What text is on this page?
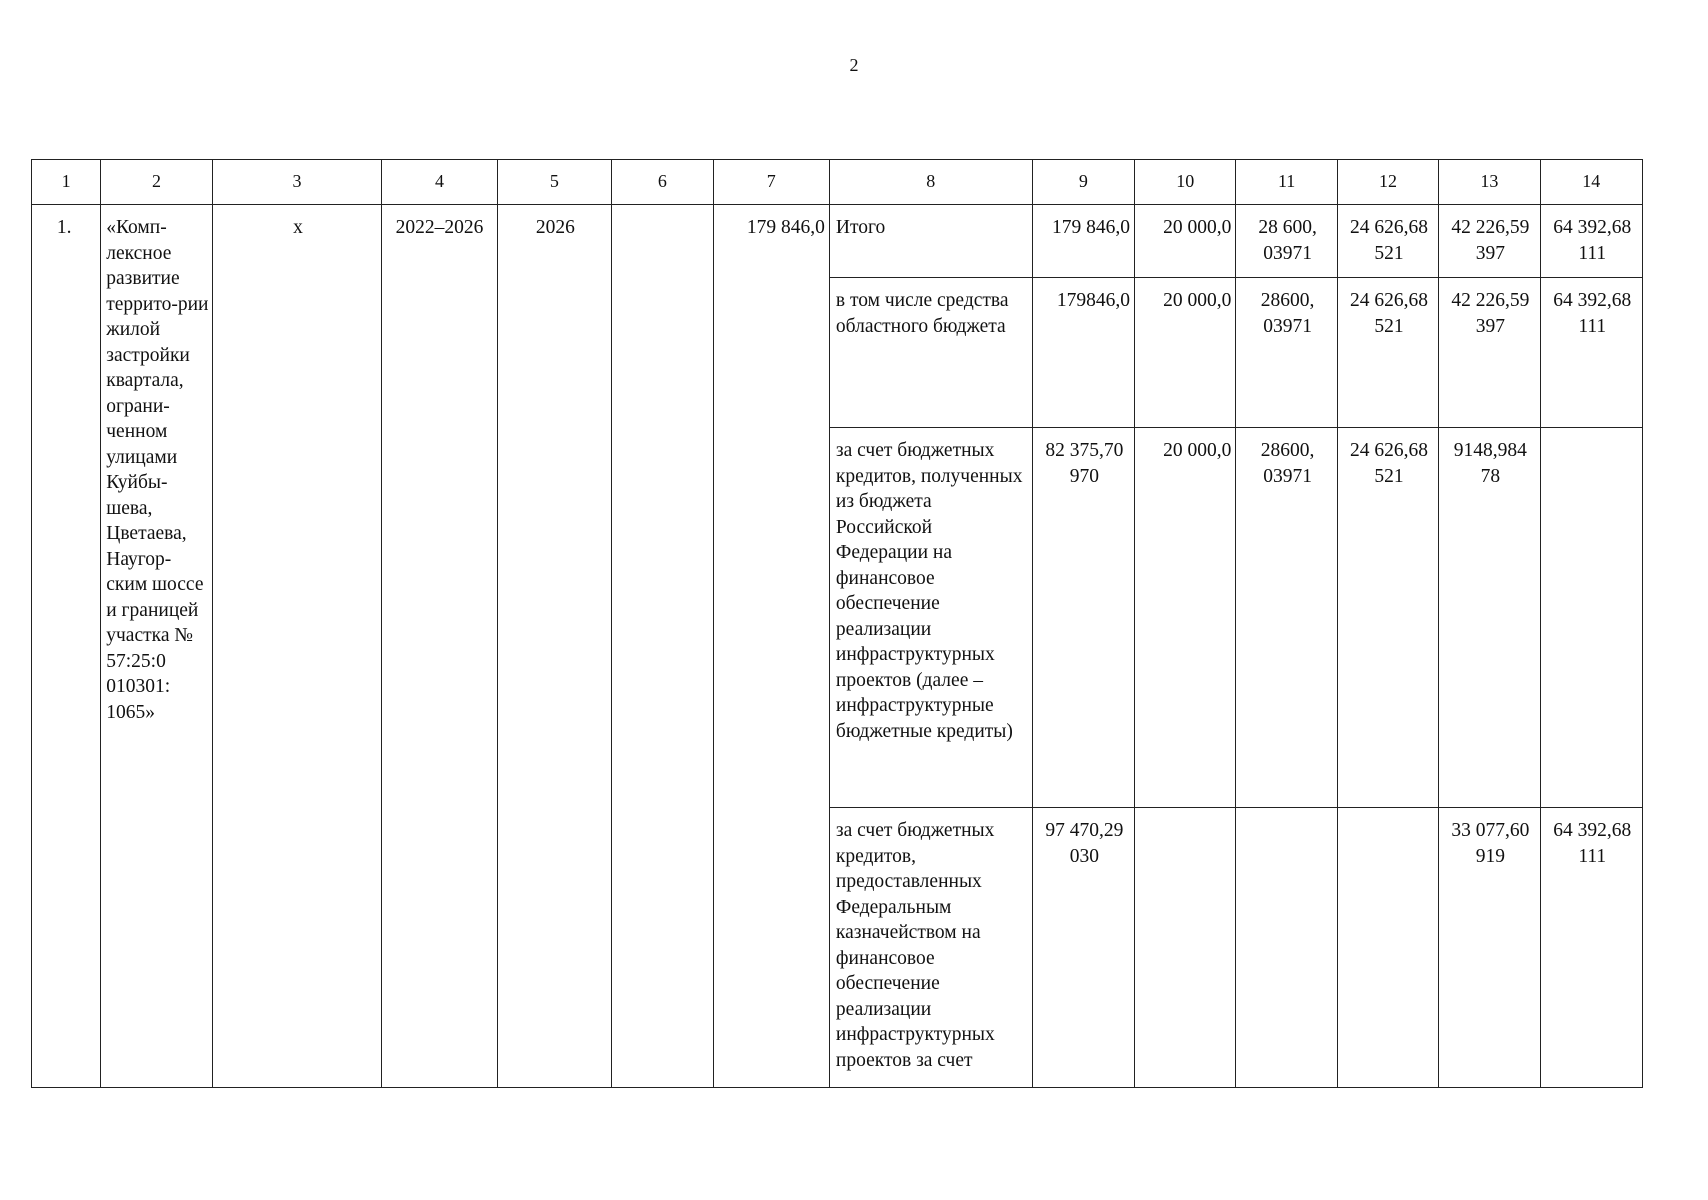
2
1	2	3	4	5	6	7	8	9	10	11	12	13	14
1.	«Комп-лексное развитие террито-рии жилой застройки квартала, ограни-ченном улицами Куйбы-шева, Цветаева, Наугор-ским шоссе и границей участка № 57:25:0 010301: 1065»	х	2022–2026	2026		179 846,0	Итого	179 846,0	20 000,0	28 600, 03971	24 626,68 521	42 226,59 397	64 392,68 111
							в том числе средства областного бюджета	179846,0	20 000,0	28600, 03971	24 626,68 521	42 226,59 397	64 392,68 111
							за счет бюджетных кредитов, полученных из бюджета Российской Федерации на финансовое обеспечение реализации инфраструктурных проектов (далее – инфраструктурные бюджетные кредиты)	82 375,70 970	20 000,0	28600, 03971	24 626,68 521	9148,984 78	
							за счет бюджетных кредитов, предоставленных Федеральным казначейством на финансовое обеспечение реализации инфраструктурных проектов за счет	97 470,29 030				33 077,60 919	64 392,68 111
